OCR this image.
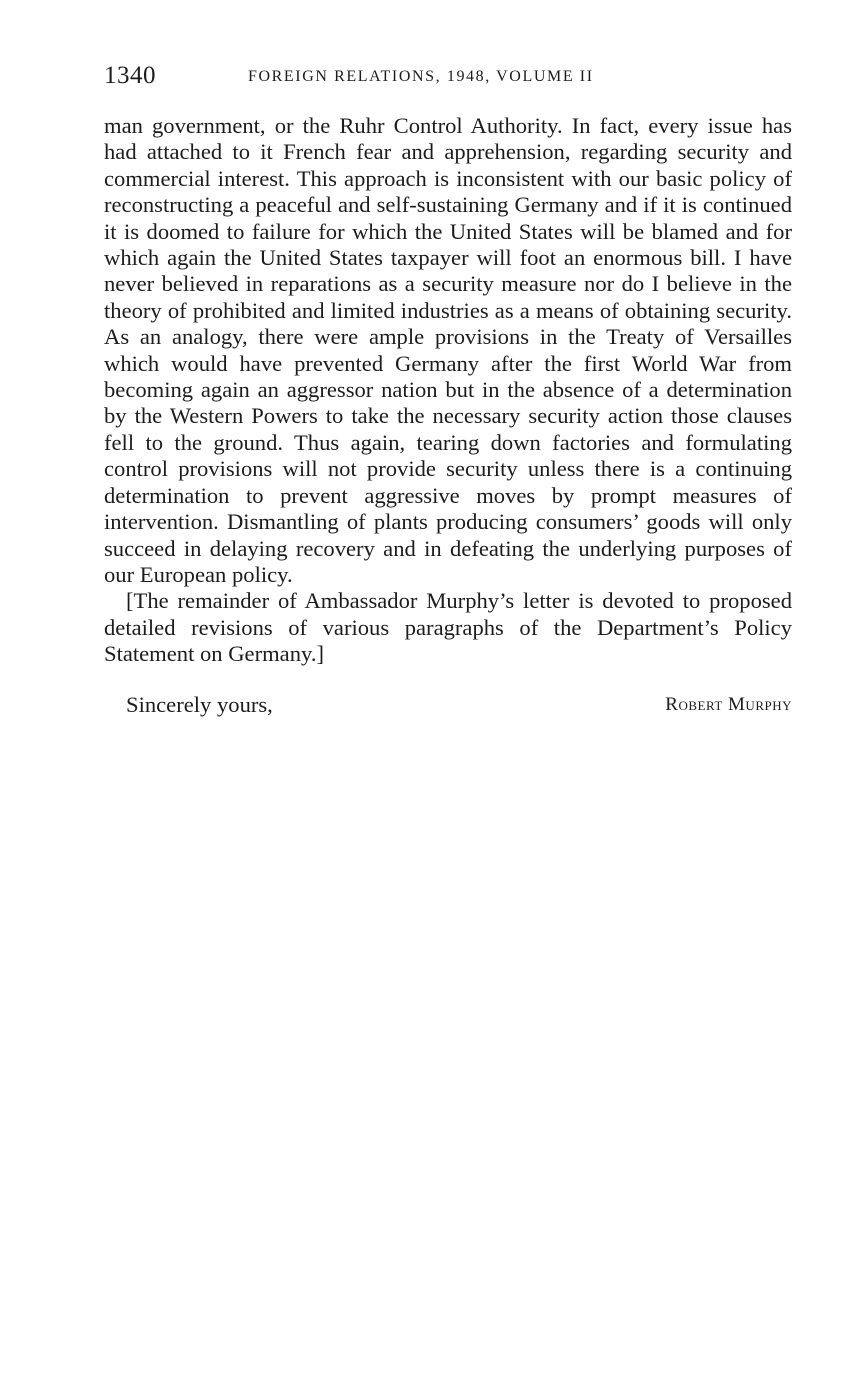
1340	FOREIGN RELATIONS, 1948, VOLUME II

man government, or the Ruhr Control Authority. In fact, every issue has had attached to it French fear and apprehension, regarding security and commercial interest. This approach is inconsistent with our basic policy of reconstructing a peaceful and self-sustaining Germany and if it is continued it is doomed to failure for which the United States will be blamed and for which again the United States taxpayer will foot an enormous bill. I have never believed in reparations as a security measure nor do I believe in the theory of prohibited and limited industries as a means of obtaining security. As an analogy, there were ample provisions in the Treaty of Versailles which would have prevented Germany after the first World War from becoming again an aggressor nation but in the absence of a determination by the Western Powers to take the necessary security action those clauses fell to the ground. Thus again, tearing down factories and formulating control provisions will not provide security unless there is a continuing determination to prevent aggressive moves by prompt measures of intervention. Dismantling of plants producing consumers’ goods will only succeed in delaying recovery and in defeating the underlying purposes of our European policy.

[The remainder of Ambassador Murphy’s letter is devoted to proposed detailed revisions of various paragraphs of the Department’s Policy Statement on Germany.]

Sincerely yours,	Robert Murphy
